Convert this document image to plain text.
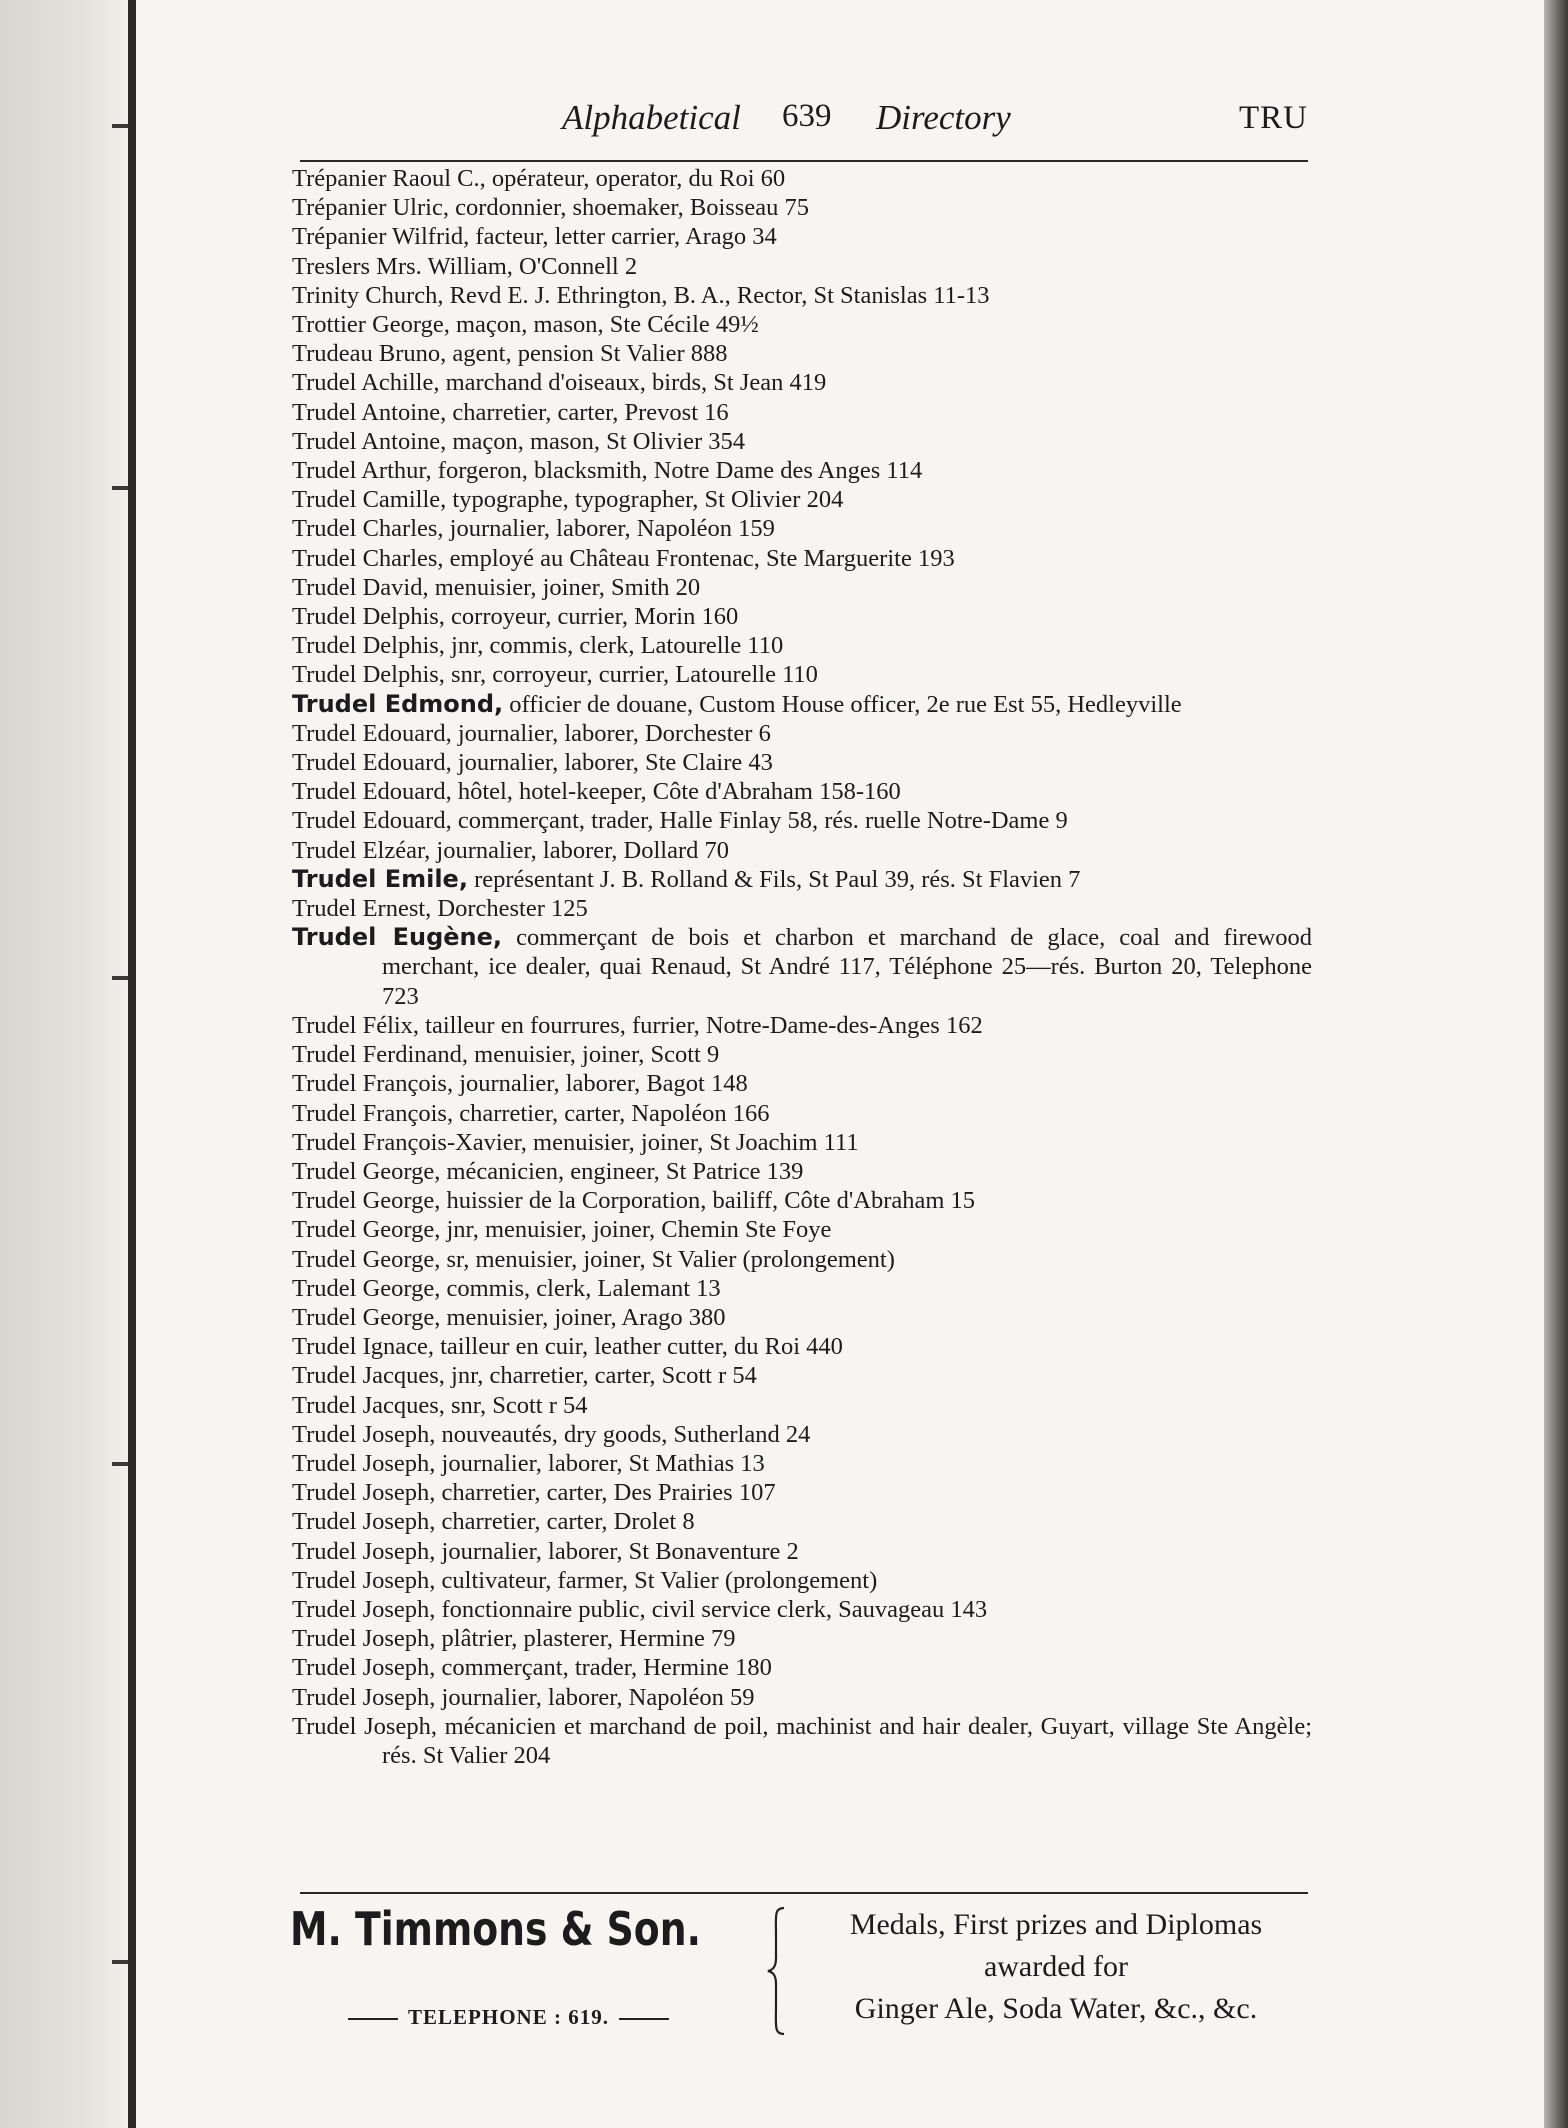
Alphabetical 639 Directory	TRU
Trépanier Raoul C., opérateur, operator, du Roi 60
Trépanier Ulric, cordonnier, shoemaker, Boisseau 75
Trépanier Wilfrid, facteur, letter carrier, Arago 34
Treslers Mrs. William, O'Connell 2
Trinity Church, Revd E. J. Ethrington, B. A., Rector, St Stanislas 11-13
Trottier George, maçon, mason, Ste Cécile 49½
Trudeau Bruno, agent, pension St Valier 888
Trudel Achille, marchand d'oiseaux, birds, St Jean 419
Trudel Antoine, charretier, carter, Prevost 16
Trudel Antoine, maçon, mason, St Olivier 354
Trudel Arthur, forgeron, blacksmith, Notre Dame des Anges 114
Trudel Camille, typographe, typographer, St Olivier 204
Trudel Charles, journalier, laborer, Napoléon 159
Trudel Charles, employé au Château Frontenac, Ste Marguerite 193
Trudel David, menuisier, joiner, Smith 20
Trudel Delphis, corroyeur, currier, Morin 160
Trudel Delphis, jnr, commis, clerk, Latourelle 110
Trudel Delphis, snr, corroyeur, currier, Latourelle 110
Trudel Edmond, officier de douane, Custom House officer, 2e rue Est 55, Hedleyville
Trudel Edouard, journalier, laborer, Dorchester 6
Trudel Edouard, journalier, laborer, Ste Claire 43
Trudel Edouard, hôtel, hotel-keeper, Côte d'Abraham 158-160
Trudel Edouard, commerçant, trader, Halle Finlay 58, rés. ruelle Notre-Dame 9
Trudel Elzéar, journalier, laborer, Dollard 70
Trudel Emile, représentant J. B. Rolland & Fils, St Paul 39, rés. St Flavien 7
Trudel Ernest, Dorchester 125
Trudel Eugène, commerçant de bois et charbon et marchand de glace, coal and firewood merchant, ice dealer, quai Renaud, St André 117, Téléphone 25—rés. Burton 20, Telephone 723
Trudel Félix, tailleur en fourrures, furrier, Notre-Dame-des-Anges 162
Trudel Ferdinand, menuisier, joiner, Scott 9
Trudel François, journalier, laborer, Bagot 148
Trudel François, charretier, carter, Napoléon 166
Trudel François-Xavier, menuisier, joiner, St Joachim 111
Trudel George, mécanicien, engineer, St Patrice 139
Trudel George, huissier de la Corporation, bailiff, Côte d'Abraham 15
Trudel George, jnr, menuisier, joiner, Chemin Ste Foye
Trudel George, sr, menuisier, joiner, St Valier (prolongement)
Trudel George, commis, clerk, Lalemant 13
Trudel George, menuisier, joiner, Arago 380
Trudel Ignace, tailleur en cuir, leather cutter, du Roi 440
Trudel Jacques, jnr, charretier, carter, Scott r 54
Trudel Jacques, snr, Scott r 54
Trudel Joseph, nouveautés, dry goods, Sutherland 24
Trudel Joseph, journalier, laborer, St Mathias 13
Trudel Joseph, charretier, carter, Des Prairies 107
Trudel Joseph, charretier, carter, Drolet 8
Trudel Joseph, journalier, laborer, St Bonaventure 2
Trudel Joseph, cultivateur, farmer, St Valier (prolongement)
Trudel Joseph, fonctionnaire public, civil service clerk, Sauvageau 143
Trudel Joseph, plâtrier, plasterer, Hermine 79
Trudel Joseph, commerçant, trader, Hermine 180
Trudel Joseph, journalier, laborer, Napoléon 59
Trudel Joseph, mécanicien et marchand de poil, machinist and hair dealer, Guyart, village Ste Angèle; rés. St Valier 204
M. Timmons & Son.
TELEPHONE : 619.
Medals, First prizes and Diplomas
awarded for
Ginger Ale, Soda Water, &c., &c.
